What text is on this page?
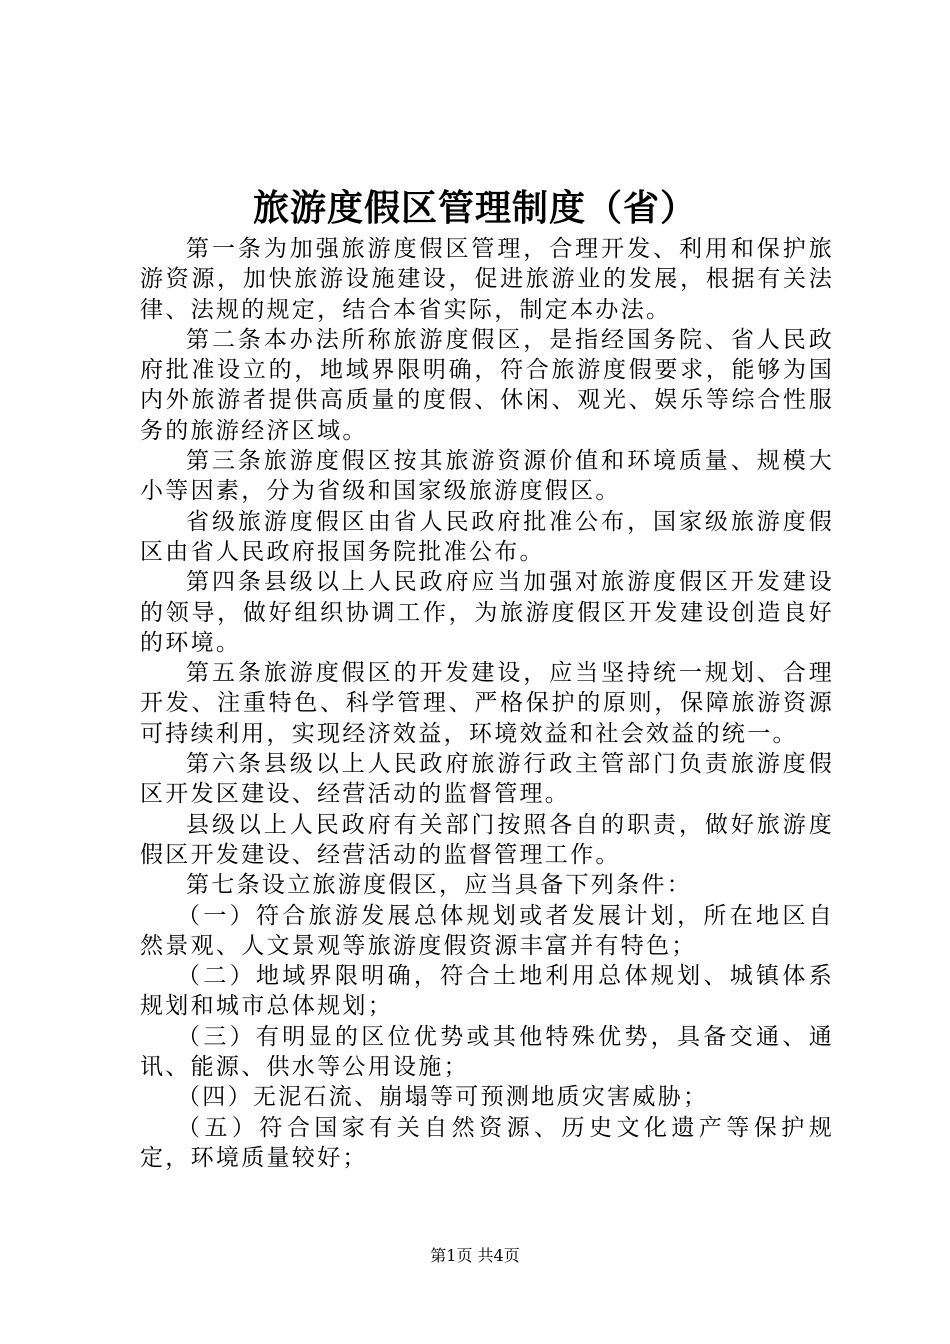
旅游度假区管理制度（省）

第一条为加强旅游度假区管理，合理开发、利用和保护旅游资源，加快旅游设施建设，促进旅游业的发展，根据有关法律、法规的规定，结合本省实际，制定本办法。

第二条本办法所称旅游度假区，是指经国务院、省人民政府批准设立的，地域界限明确，符合旅游度假要求，能够为国内外旅游者提供高质量的度假、休闲、观光、娱乐等综合性服务的旅游经济区域。

第三条旅游度假区按其旅游资源价值和环境质量、规模大小等因素，分为省级和国家级旅游度假区。

省级旅游度假区由省人民政府批准公布，国家级旅游度假区由省人民政府报国务院批准公布。

第四条县级以上人民政府应当加强对旅游度假区开发建设的领导，做好组织协调工作，为旅游度假区开发建设创造良好的环境。

第五条旅游度假区的开发建设，应当坚持统一规划、合理开发、注重特色、科学管理、严格保护的原则，保障旅游资源可持续利用，实现经济效益，环境效益和社会效益的统一。

第六条县级以上人民政府旅游行政主管部门负责旅游度假区开发区建设、经营活动的监督管理。

县级以上人民政府有关部门按照各自的职责，做好旅游度假区开发建设、经营活动的监督管理工作。

第七条设立旅游度假区，应当具备下列条件：

（一）符合旅游发展总体规划或者发展计划，所在地区自然景观、人文景观等旅游度假资源丰富并有特色；

（二）地域界限明确，符合土地利用总体规划、城镇体系规划和城市总体规划；

（三）有明显的区位优势或其他特殊优势，具备交通、通讯、能源、供水等公用设施；

（四）无泥石流、崩塌等可预测地质灾害威胁；

（五）符合国家有关自然资源、历史文化遗产等保护规定，环境质量较好；

第1页 共4页
